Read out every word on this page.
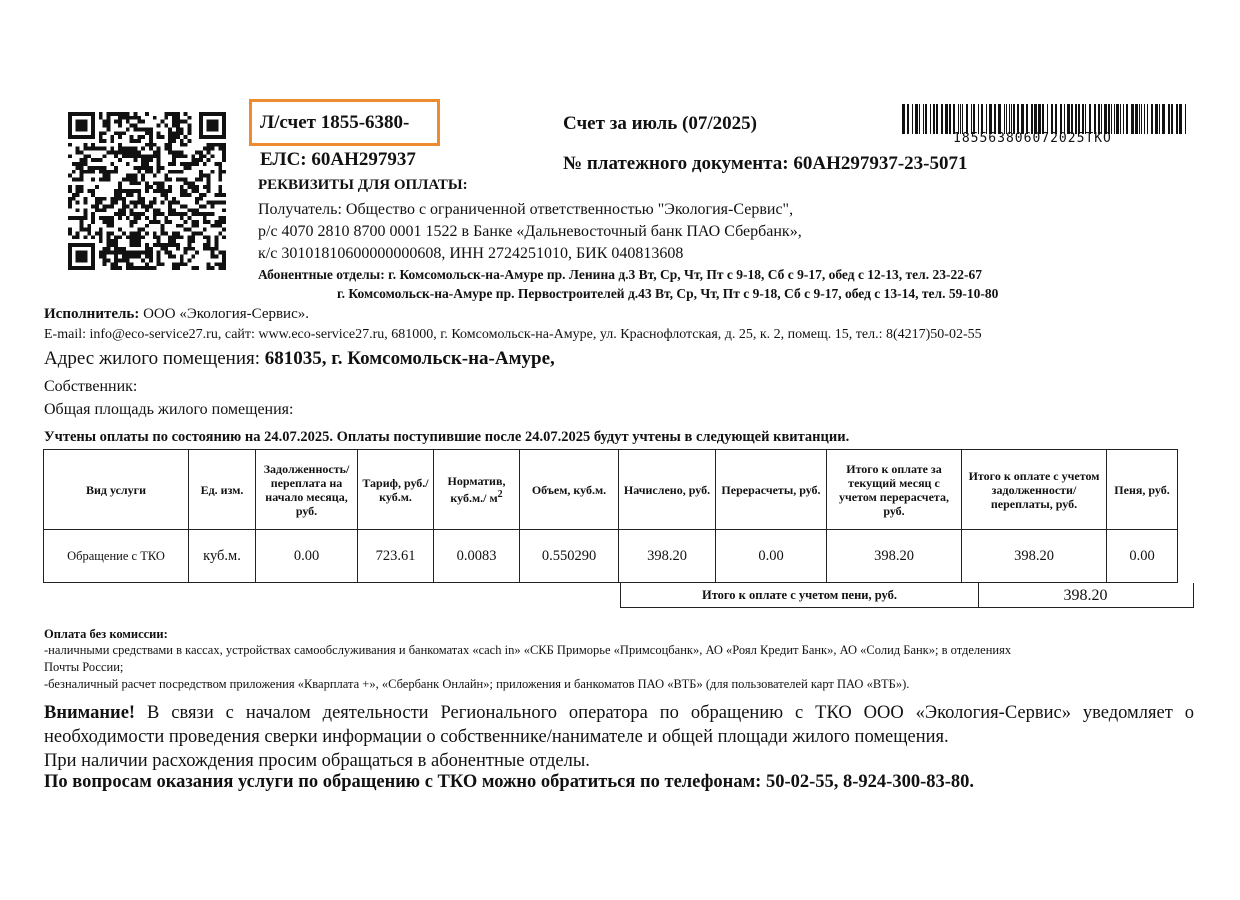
Л/счет 1855-6380-
ЕЛС: 60АН297937
Счет за июль (07/2025)
№ платежного документа: 60АН297937-23-5071
185563806072025TKO
РЕКВИЗИТЫ ДЛЯ ОПЛАТЫ:
Получатель: Общество с ограниченной ответственностью "Экология-Сервис",
р/с 4070 2810 8700 0001 1522 в Банке «Дальневосточный банк ПАО Сбербанк»,
к/с 30101810600000000608, ИНН 2724251010, БИК 040813608
Абонентные отделы: г. Комсомольск-на-Амуре пр. Ленина д.3 Вт, Ср, Чт, Пт с 9-18, Сб с 9-17, обед с 12-13, тел. 23-22-67
г. Комсомольск-на-Амуре пр. Первостроителей д.43 Вт, Ср, Чт, Пт с 9-18, Сб с 9-17, обед с 13-14, тел. 59-10-80
Исполнитель: ООО «Экология-Сервис».
E-mail: info@eco-service27.ru, сайт: www.eco-service27.ru, 681000, г. Комсомольск-на-Амуре, ул. Краснофлотская, д. 25, к. 2, помещ. 15, тел.: 8(4217)50-02-55
Адрес жилого помещения: 681035, г. Комсомольск-на-Амуре,
Собственник:
Общая площадь жилого помещения:
Учтены оплаты по состоянию на 24.07.2025. Оплаты поступившие после 24.07.2025 будут учтены в следующей квитанции.
Вид услуги	Ед. изм.	Задолженность/ переплата на начало месяца, руб.	Тариф, руб./ куб.м.	Норматив, куб.м./ $м^2$	Объем, куб.м.	Начислено, руб.	Перерасчеты, руб.	Итого к оплате за текущий месяц с учетом перерасчета, руб.	Итого к оплате с учетом задолженности/ переплаты, руб.	Пеня, руб.
Обращение с ТКО	куб.м.	0.00	723.61	0.0083	0.550290	398.20	0.00	398.20	398.20	0.00
Итого к оплате с учетом пени, руб.	398.20
Оплата без комиссии:
-наличными средствами в кассах, устройствах самообслуживания и банкоматах «cach in» «СКБ Приморье «Примсоцбанк», АО «Роял Кредит Банк», АО «Солид Банк»; в отделениях
Почты России;
-безналичный расчет посредством приложения «Кварплата +», «Сбербанк Онлайн»; приложения и банкоматов ПАО «ВТБ» (для пользователей карт ПАО «ВТБ»).
Внимание! В связи с началом деятельности Регионального оператора по обращению с ТКО ООО «Экология-Сервис» уведомляет о необходимости проведения сверки информации о собственнике/нанимателе и общей площади жилого помещения.
При наличии расхождения просим обращаться в абонентные отделы.
По вопросам оказания услуги по обращению с ТКО можно обратиться по телефонам: 50-02-55, 8-924-300-83-80.
